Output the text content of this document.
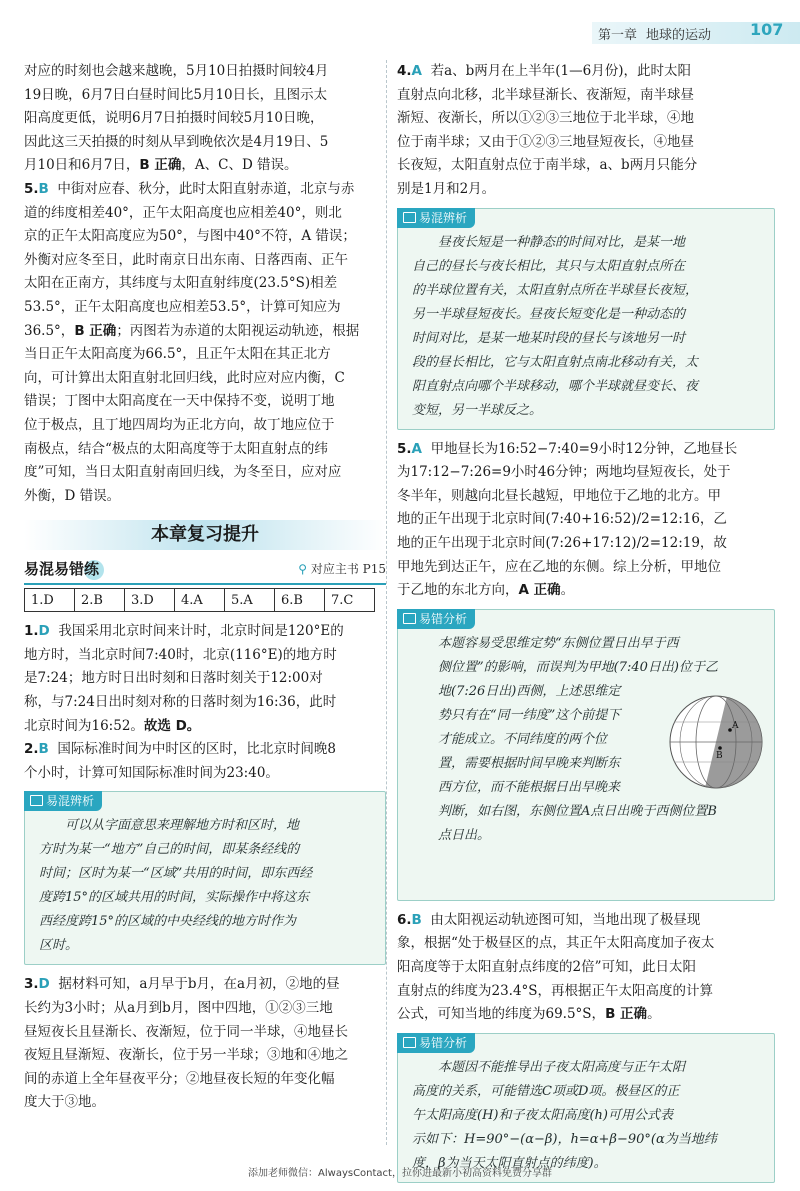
第一章 地球的运动 107

对应的时刻也会越来越晚，5月10日拍摄时间较4月

19日晚，6月7日白昼时间比5月10日长，且图示太

阳高度更低，说明6月7日拍摄时间较5月10日晚，

因此这三天拍摄的时刻从早到晚依次是4月19日、5

月10日和6月7日，B 正确，A、C、D 错误。

5.B 中街对应春、秋分，此时太阳直射赤道，北京与赤

道的纬度相差40°，正午太阳高度也应相差40°，则北

京的正午太阳高度应为50°，与图中40°不符，A 错误；

外衡对应冬至日，此时南京日出东南、日落西南、正午

太阳在正南方，其纬度与太阳直射纬度(23.5°S)相差

53.5°，正午太阳高度也应相差53.5°，计算可知应为

36.5°，B 正确；丙图若为赤道的太阳视运动轨迹，根据

当日正午太阳高度为66.5°，且正午太阳在其正北方

向，可计算出太阳直射北回归线，此时应对应内衡，C

错误；丁图中太阳高度在一天中保持不变，说明丁地

位于极点，且丁地四周均为正北方向，故丁地应位于

南极点，结合“极点的太阳高度等于太阳直射点的纬

度”可知，当日太阳直射南回归线，为冬至日，应对应

外衡，D 错误。

本章复习提升
易混易错练	⚲ 对应主书 P15
1.D	2.B	3.D	4.A	5.A	6.B	7.C

1.D 我国采用北京时间来计时，北京时间是120°E的

地方时，当北京时间7:40时，北京(116°E)的地方时

是7:24；地方时日出时刻和日落时刻关于12:00对

称，与7:24日出时刻对称的日落时刻为16:36，此时

北京时间为16:52。故选 D。

2.B 国际标准时间为中时区的区时，比北京时间晚8

个小时，计算可知国际标准时间为23:40。

易混辨析

可以从字面意思来理解地方时和区时，地

方时为某一“地方”自己的时间，即某条经线的

时间；区时为某一“区域”共用的时间，即东西经

度跨15°的区域共用的时间，实际操作中将这东

西经度跨15°的区域的中央经线的地方时作为

区时。

3.D 据材料可知，a月早于b月，在a月初，②地的昼

长约为3小时；从a月到b月，图中四地，①②③三地

昼短夜长且昼渐长、夜渐短，位于同一半球，④地昼长

夜短且昼渐短、夜渐长，位于另一半球；③地和④地之

间的赤道上全年昼夜平分；②地昼夜长短的年变化幅

度大于③地。

4.A 若a、b两月在上半年(1—6月份)，此时太阳

直射点向北移，北半球昼渐长、夜渐短，南半球昼

渐短、夜渐长，所以①②③三地位于北半球，④地

位于南半球；又由于①②③三地昼短夜长，④地昼

长夜短，太阳直射点位于南半球，a、b两月只能分

别是1月和2月。

易混辨析

昼夜长短是一种静态的时间对比，是某一地

自己的昼长与夜长相比，其只与太阳直射点所在

的半球位置有关，太阳直射点所在半球昼长夜短，

另一半球昼短夜长。昼夜长短变化是一种动态的

时间对比，是某一地某时段的昼长与该地另一时

段的昼长相比，它与太阳直射点南北移动有关，太

阳直射点向哪个半球移动，哪个半球就昼变长、夜

变短，另一半球反之。

5.A 甲地昼长为16:52−7:40=9小时12分钟，乙地昼长

为17:12−7:26=9小时46分钟；两地均昼短夜长，处于

冬半年，则越向北昼长越短，甲地位于乙地的北方。甲

地的正午出现于北京时间(7:40+16:52)/2=12:16，乙

地的正午出现于北京时间(7:26+17:12)/2=12:19，故

甲地先到达正午，应在乙地的东侧。综上分析，甲地位

于乙地的东北方向，A 正确。

易错分析

本题容易受思维定势“东侧位置日出早于西

侧位置”的影响，而误判为甲地(7:40日出)位于乙

地(7:26日出)西侧，上述思维定

势只有在“同一纬度”这个前提下

才能成立。不同纬度的两个位

置，需要根据时间早晚来判断东

西方位，而不能根据日出早晚来

判断，如右图，东侧位置A点日出晚于西侧位置B

点日出。

A
B

6.B 由太阳视运动轨迹图可知，当地出现了极昼现

象，根据“处于极昼区的点，其正午太阳高度加子夜太

阳高度等于太阳直射点纬度的2倍”可知，此日太阳

直射点的纬度为23.4°S，再根据正午太阳高度的计算

公式，可知当地的纬度为69.5°S，B 正确。

易错分析

本题因不能推导出子夜太阳高度与正午太阳

高度的关系，可能错选C项或D项。极昼区的正

午太阳高度(H)和子夜太阳高度(h)可用公式表

示如下：H=90°−(α−β)，h=α+β−90°(α为当地纬

度，β为当天太阳直射点的纬度)。

添加老师微信：AlwaysContact，拉你进最新小初高资料免费分享群
